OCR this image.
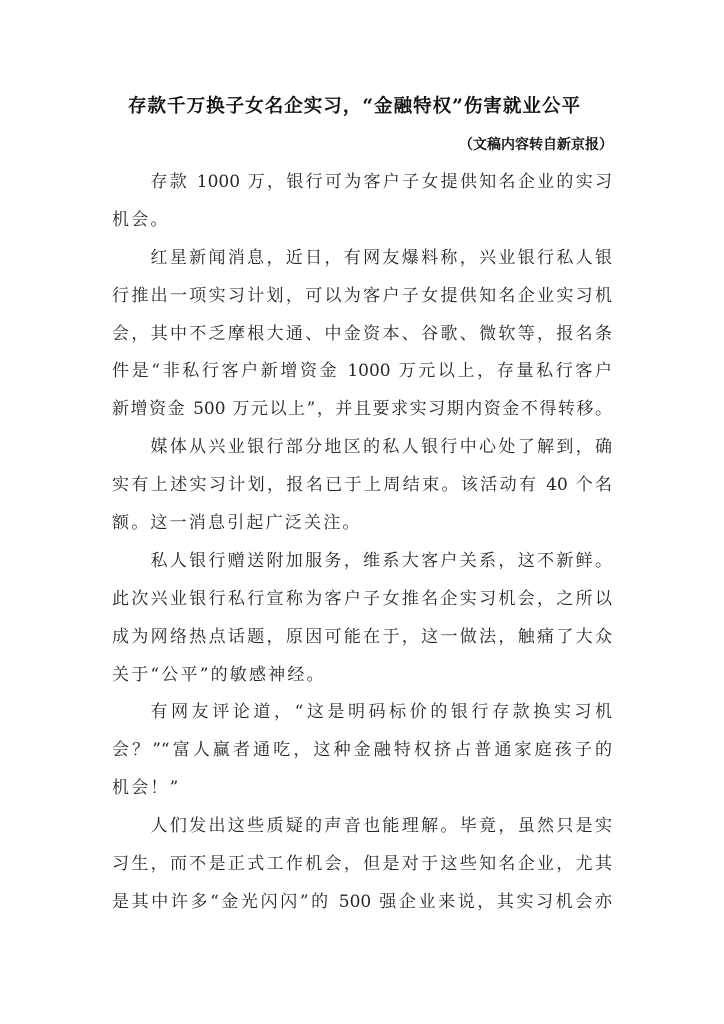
存款千万换子女名企实习，“金融特权”伤害就业公平
（文稿内容转自新京报）
存款 1000 万，银行可为客户子女提供知名企业的实习
机会。
红星新闻消息，近日，有网友爆料称，兴业银行私人银
行推出一项实习计划，可以为客户子女提供知名企业实习机
会，其中不乏摩根大通、中金资本、谷歌、微软等，报名条
件是“非私行客户新增资金 1000 万元以上，存量私行客户
新增资金 500 万元以上”，并且要求实习期内资金不得转移。
媒体从兴业银行部分地区的私人银行中心处了解到，确
实有上述实习计划，报名已于上周结束。该活动有 40 个名
额。这一消息引起广泛关注。
私人银行赠送附加服务，维系大客户关系，这不新鲜。
此次兴业银行私行宣称为客户子女推名企实习机会，之所以
成为网络热点话题，原因可能在于，这一做法，触痛了大众
关于“公平”的敏感神经。
有网友评论道，“这是明码标价的银行存款换实习机
会？”“富人赢者通吃，这种金融特权挤占普通家庭孩子的
机会！”
人们发出这些质疑的声音也能理解。毕竟，虽然只是实
习生，而不是正式工作机会，但是对于这些知名企业，尤其
是其中许多“金光闪闪”的 500 强企业来说，其实习机会亦
